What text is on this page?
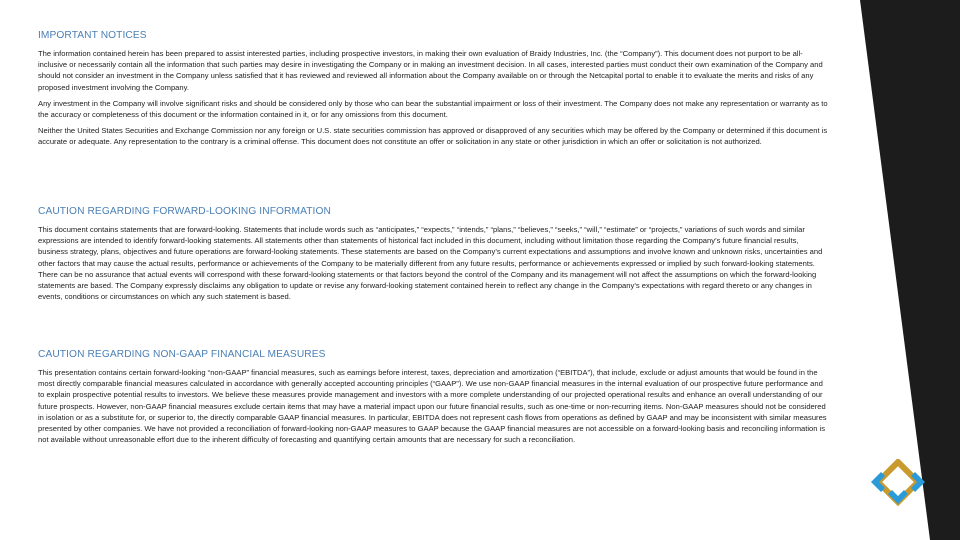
IMPORTANT NOTICES

The information contained herein has been prepared to assist interested parties, including prospective investors, in making their own evaluation of Braidy Industries, Inc. (the “Company”). This document does not purport to be all-inclusive or necessarily contain all the information that such parties may desire in investigating the Company or in making an investment decision. In all cases, interested parties must conduct their own examination of the Company and should not consider an investment in the Company unless satisfied that it has reviewed and reviewed all information about the Company available on or through the Netcapital portal to enable it to evaluate the merits and risks of any proposed investment involving the Company.

Any investment in the Company will involve significant risks and should be considered only by those who can bear the substantial impairment or loss of their investment. The Company does not make any representation or warranty as to the accuracy or completeness of this document or the information contained in it, or for any omissions from this document.

Neither the United States Securities and Exchange Commission nor any foreign or U.S. state securities commission has approved or disapproved of any securities which may be offered by the Company or determined if this document is accurate or adequate. Any representation to the contrary is a criminal offense. This document does not constitute an offer or solicitation in any state or other jurisdiction in which an offer or solicitation is not authorized.

CAUTION REGARDING FORWARD-LOOKING INFORMATION

This document contains statements that are forward-looking. Statements that include words such as “anticipates,” “expects,” “intends,” “plans,” “believes,” “seeks,” “will,” “estimate” or “projects,” variations of such words and similar expressions are intended to identify forward-looking statements. All statements other than statements of historical fact included in this document, including without limitation those regarding the Company’s future financial results, business strategy, plans, objectives and future operations are forward-looking statements. These statements are based on the Company’s current expectations and assumptions and involve known and unknown risks, uncertainties and other factors that may cause the actual results, performance or achievements of the Company to be materially different from any future results, performance or achievements expressed or implied by such forward-looking statements. There can be no assurance that actual events will correspond with these forward-looking statements or that factors beyond the control of the Company and its management will not affect the assumptions on which the forward-looking statements are based. The Company expressly disclaims any obligation to update or revise any forward-looking statement contained herein to reflect any change in the Company’s expectations with regard thereto or any changes in events, conditions or circumstances on which any such statement is based.

CAUTION REGARDING NON-GAAP FINANCIAL MEASURES

This presentation contains certain forward-looking “non-GAAP” financial measures, such as earnings before interest, taxes, depreciation and amortization (“EBITDA”), that include, exclude or adjust amounts that would be found in the most directly comparable financial measures calculated in accordance with generally accepted accounting principles (“GAAP”). We use non-GAAP financial measures in the internal evaluation of our prospective future performance and to explain prospective potential results to investors. We believe these measures provide management and investors with a more complete understanding of our projected operational results and enhance an overall understanding of our future prospects. However, non-GAAP financial measures exclude certain items that may have a material impact upon our future financial results, such as one-time or non-recurring items. Non-GAAP measures should not be considered in isolation or as a substitute for, or superior to, the directly comparable GAAP financial measures. In particular, EBITDA does not represent cash flows from operations as defined by GAAP and may be inconsistent with similar measures presented by other companies. We have not provided a reconciliation of forward-looking non-GAAP measures to GAAP because the GAAP financial measures are not accessible on a forward-looking basis and reconciling information is not available without unreasonable effort due to the inherent difficulty of forecasting and quantifying certain amounts that are necessary for such a reconciliation.
